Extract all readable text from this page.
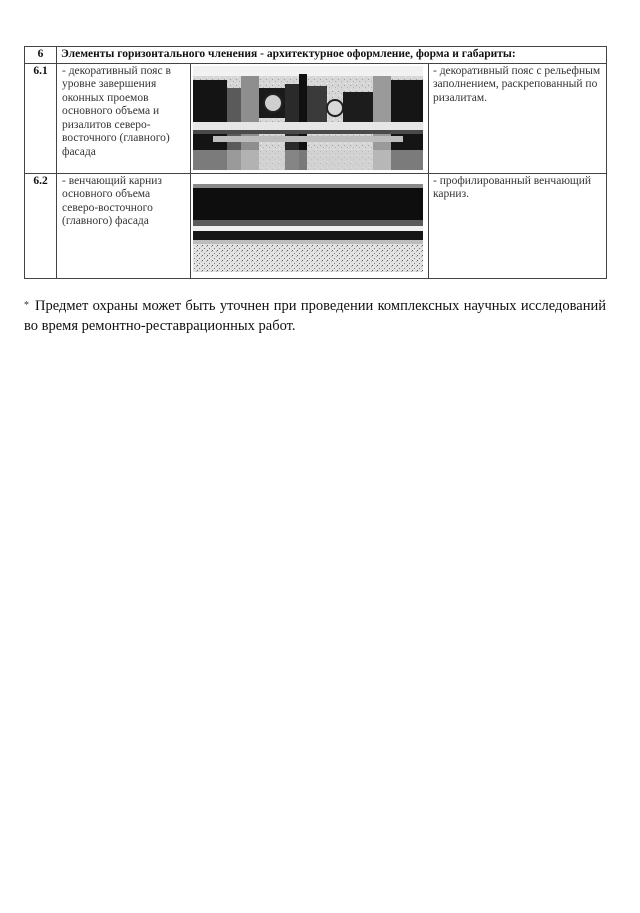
6	Элементы горизонтального членения - архитектурное оформление, форма и габариты:		
6.1	- декоративный пояс в уровне завершения оконных проемов основного объема и ризалитов северо-восточного (главного) фасада		- декоративный пояс с рельефным заполнением, раскрепованный по ризалитам.
6.2	- венчающий карниз основного объема северо-восточного (главного) фасада		- профилированный венчающий карниз.
* Предмет охраны может быть уточнен при проведении комплексных научных исследований во время ремонтно-реставрационных работ.
